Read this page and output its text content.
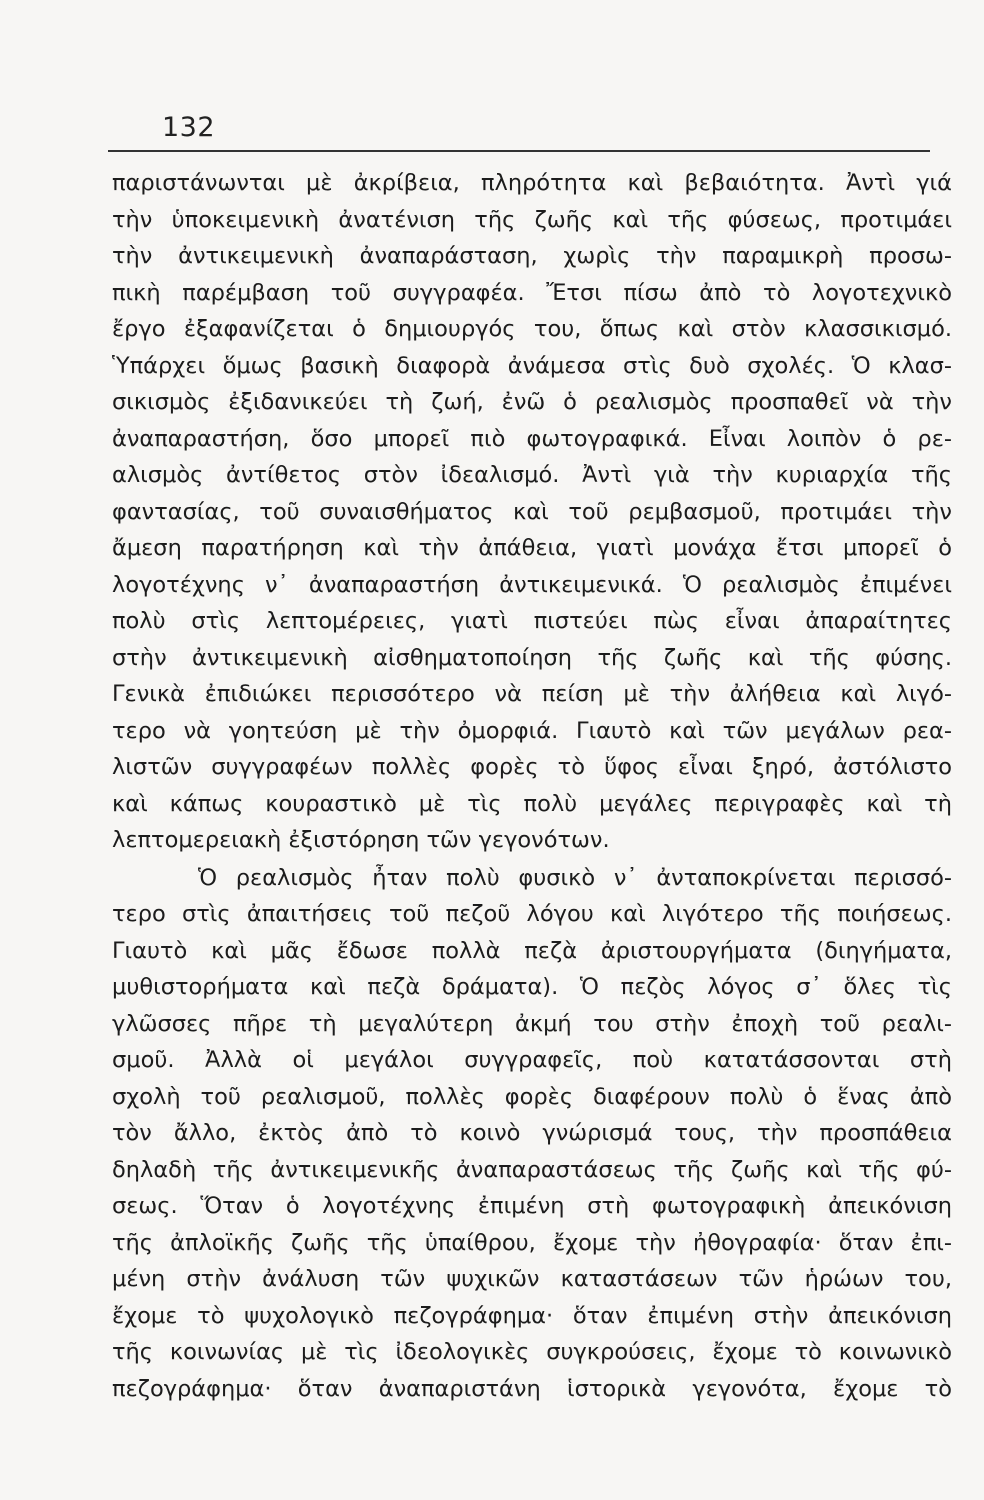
132
παριστάνωνται μὲ ἀκρίβεια, πληρότητα καὶ βεβαιότητα. Ἀντὶ γιά
τὴν ὑποκειμενικὴ ἀνατένιση τῆς ζωῆς καὶ τῆς φύσεως, προτιμάει
τὴν ἀντικειμενικὴ ἀναπαράσταση, χωρὶς τὴν παραμικρὴ προσω-
πικὴ παρέμβαση τοῦ συγγραφέα. Ἔτσι πίσω ἀπὸ τὸ λογοτεχνικὸ
ἔργο ἐξαφανίζεται ὁ δημιουργός του, ὅπως καὶ στὸν κλασσικισμό.
Ὑπάρχει ὅμως βασικὴ διαφορὰ ἀνάμεσα στὶς δυὸ σχολές. Ὁ κλασ-
σικισμὸς ἐξιδανικεύει τὴ ζωή, ἐνῶ ὁ ρεαλισμὸς προσπαθεῖ νὰ τὴν
ἀναπαραστήση, ὅσο μπορεῖ πιὸ φωτογραφικά. Εἶναι λοιπὸν ὁ ρε-
αλισμὸς ἀντίθετος στὸν ἰδεαλισμό. Ἀντὶ γιὰ τὴν κυριαρχία τῆς
φαντασίας, τοῦ συναισθήματος καὶ τοῦ ρεμβασμοῦ, προτιμάει τὴν
ἄμεση παρατήρηση καὶ τὴν ἀπάθεια, γιατὶ μονάχα ἔτσι μπορεῖ ὁ
λογοτέχνης ν᾿ ἀναπαραστήση ἀντικειμενικά. Ὁ ρεαλισμὸς ἐπιμένει
πολὺ στὶς λεπτομέρειες, γιατὶ πιστεύει πὼς εἶναι ἀπαραίτητες
στὴν ἀντικειμενικὴ αἰσθηματοποίηση τῆς ζωῆς καὶ τῆς φύσης.
Γενικὰ ἐπιδιώκει περισσότερο νὰ πείση μὲ τὴν ἀλήθεια καὶ λιγό-
τερο νὰ γοητεύση μὲ τὴν ὀμορφιά. Γιαυτὸ καὶ τῶν μεγάλων ρεα-
λιστῶν συγγραφέων πολλὲς φορὲς τὸ ὕφος εἶναι ξηρό, ἀστόλιστο
καὶ κάπως κουραστικὸ μὲ τὶς πολὺ μεγάλες περιγραφὲς καὶ τὴ
λεπτομερειακὴ ἐξιστόρηση τῶν γεγονότων.
Ὁ ρεαλισμὸς ἦταν πολὺ φυσικὸ ν᾿ ἀνταποκρίνεται περισσό-
τερο στὶς ἀπαιτήσεις τοῦ πεζοῦ λόγου καὶ λιγότερο τῆς ποιήσεως.
Γιαυτὸ καὶ μᾶς ἔδωσε πολλὰ πεζὰ ἀριστουργήματα (διηγήματα,
μυθιστορήματα καὶ πεζὰ δράματα). Ὁ πεζὸς λόγος σ᾿ ὅλες τὶς
γλῶσσες πῆρε τὴ μεγαλύτερη ἀκμή του στὴν ἐποχὴ τοῦ ρεαλι-
σμοῦ. Ἀλλὰ οἱ μεγάλοι συγγραφεῖς, ποὺ κατατάσσονται στὴ
σχολὴ τοῦ ρεαλισμοῦ, πολλὲς φορὲς διαφέρουν πολὺ ὁ ἕνας ἀπὸ
τὸν ἄλλο, ἐκτὸς ἀπὸ τὸ κοινὸ γνώρισμά τους, τὴν προσπάθεια
δηλαδὴ τῆς ἀντικειμενικῆς ἀναπαραστάσεως τῆς ζωῆς καὶ τῆς φύ-
σεως. Ὅταν ὁ λογοτέχνης ἐπιμένη στὴ φωτογραφικὴ ἀπεικόνιση
τῆς ἀπλοϊκῆς ζωῆς τῆς ὑπαίθρου, ἔχομε τὴν ἠθογραφία· ὅταν ἐπι-
μένη στὴν ἀνάλυση τῶν ψυχικῶν καταστάσεων τῶν ἡρώων του,
ἔχομε τὸ ψυχολογικὸ πεζογράφημα· ὅταν ἐπιμένη στὴν ἀπεικόνιση
τῆς κοινωνίας μὲ τὶς ἰδεολογικὲς συγκρούσεις, ἔχομε τὸ κοινωνικὸ
πεζογράφημα· ὅταν ἀναπαριστάνη ἱστορικὰ γεγονότα, ἔχομε τὸ
